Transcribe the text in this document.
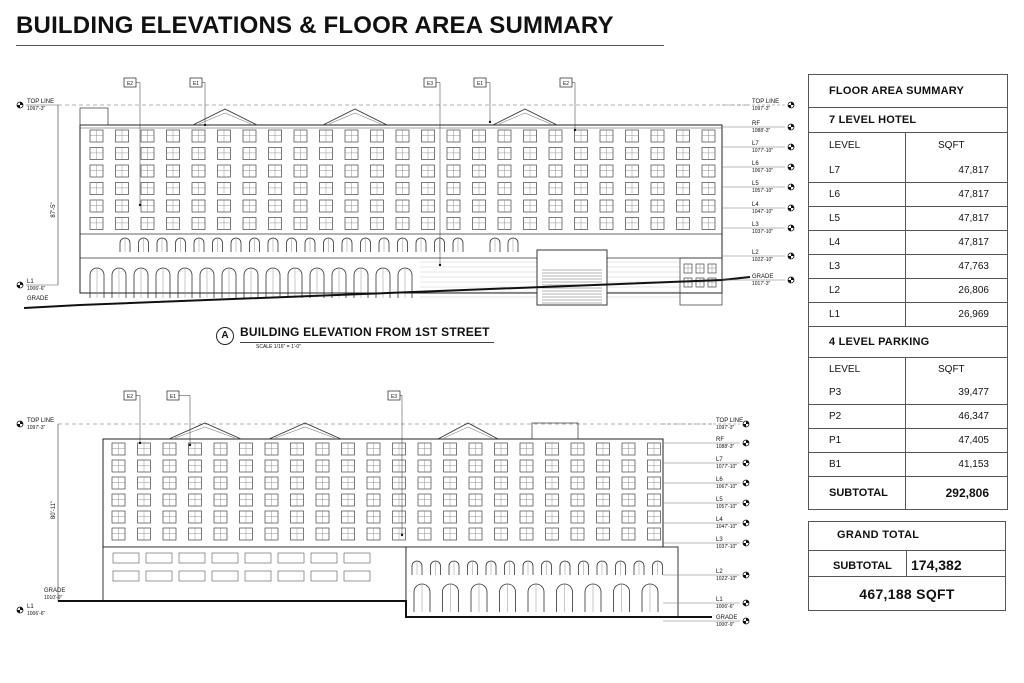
BUILDING ELEVATIONS & FLOOR AREA SUMMARY
87'-5"
TOP LINE
1097'-3"
L1
1006'-6"
GRADE
TOP LINE
1097'-3"
RF
1088'-3"
L7
1077'-10"
L6
1067'-10"
L5
1057'-10"
L4
1047'-10"
L3
1037'-10"
L2
1022'-10"
GRADE
1017'-3"
E2	E1	E3	E1	E2
A BUILDING ELEVATION FROM 1ST STREET
SCALE 1/16" = 1'-0"
80'-11"
TOP LINE
1097'-3"
GRADE
1010'-9"
L1
1006'-6"
TOP LINE
1097'-3"
RF
1088'-3"
L7
1077'-10"
L6
1067'-10"
L5
1057'-10"
L4
1047'-10"
L3
1037'-10"
L2
1022'-10"
L1
1006'-6"
GRADE
1000'-9"
E2	E1	E3
FLOOR AREA SUMMARY
7 LEVEL HOTEL
LEVEL	SQFT
L7	47,817
L6	47,817
L5	47,817
L4	47,817
L3	47,763
L2	26,806
L1	26,969
4 LEVEL PARKING
LEVEL	SQFT
P3	39,477
P2	46,347
P1	47,405
B1	41,153
SUBTOTAL	292,806
GRAND TOTAL
SUBTOTAL 174,382
467,188 SQFT
